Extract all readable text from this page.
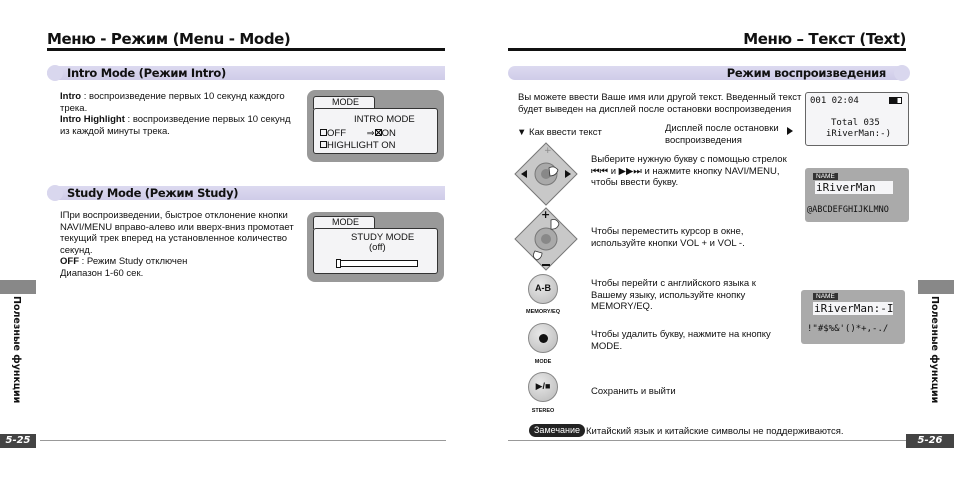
Меню - Режим (Menu - Mode)
Intro Mode (Режим Intro)
Intro : воспроизведение первых 10 секунд каждого
трека.
Intro Highlight : воспроизведение первых 10 секунд
из каждой минуты трека.
MODE
INTRO MODE
OFF ⇒ ON
HIGHLIGHT ON
Study Mode (Режим Study)
IПри воспроизведении, быстрое отклонение кнопки
NAVI/MENU вправо-алево или вверх-вниз промотает
текущий трек вперед на установленное количество
секунд.
OFF : Режим Study отключен
Диапазон 1-60 сек.
MODE
STUDY MODE
(off)
Полезные функции
5-25
Меню – Текст (Text)
Режим воспроизведения
Вы можете ввести Ваше имя или другой текст. Введенный текст
будет выведен на дисплей после остановки воспроизведения
▼ Как ввести текст	Дисплей после остановки
воспроизведения
001 02:04
Total 035
iRiverMan:-)
+
Выберите нужную букву с помощью стрелок
⏮⏮ и ▶▶⏭ и нажмите кнопку NAVI/MENU,
чтобы ввести букву.
NAME
iRiverMan
@ABCDEFGHIJKLMNO
+
Чтобы переместить курсор в окне,
используйте кнопки VOL + и VOL -.
A-B
MEMORY/EQ
Чтобы перейти с английского языка к
Вашему языку, используйте кнопку
MEMORY/EQ.
NAME
iRiverMan:-I
!"#$%&'()*+,-./
MODE
Чтобы удалить букву, нажмите на кнопку
MODE.
▶/■
STEREO
Сохранить и выйти
Замечание Китайский язык и китайские символы не поддерживаются.
Полезные функции
5-26
